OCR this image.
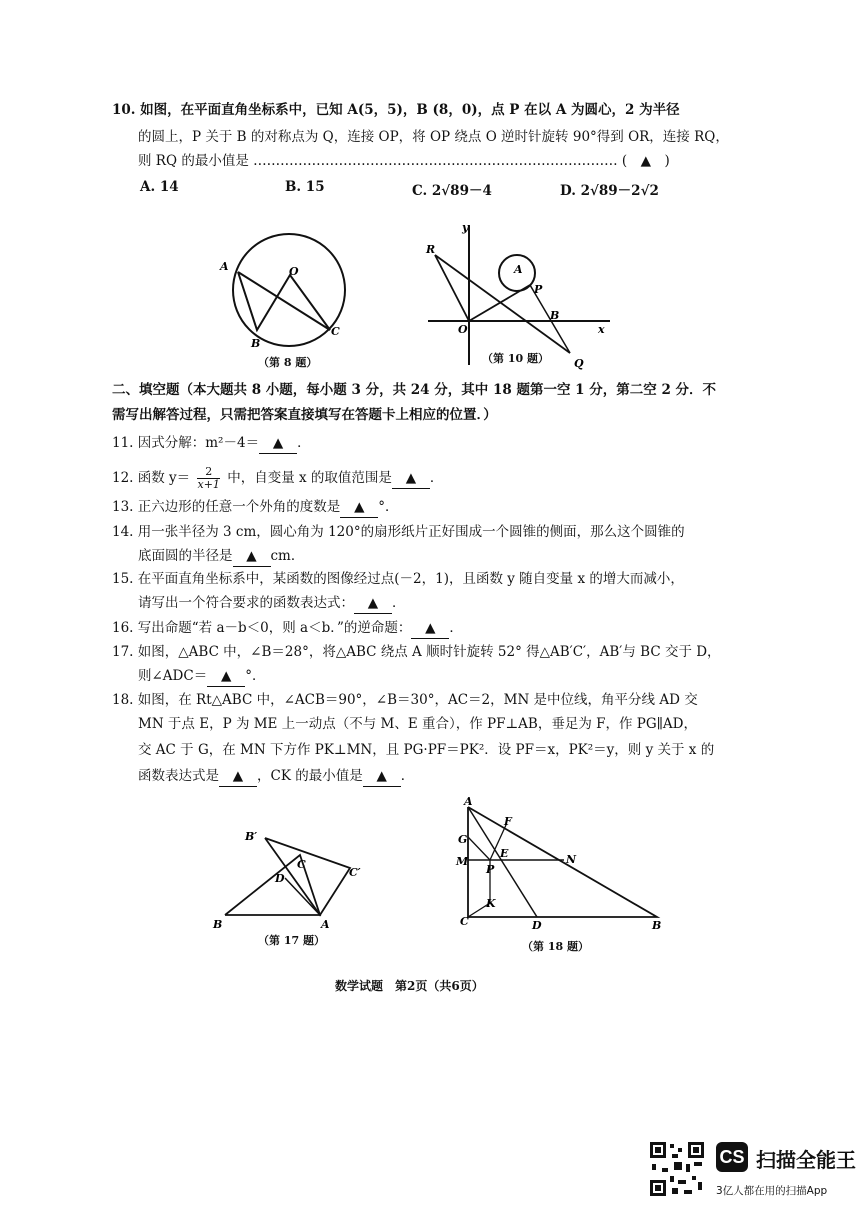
10. 如图，在平面直角坐标系中，已知 A(5，5)，B (8，0)，点 P 在以 A 为圆心，2 为半径
的圆上，P 关于 B 的对称点为 Q，连接 OP，将 OP 绕点 O 逆时针旋转 90°得到 OR，连接 RQ，
则 RQ 的最小值是 ……………………………………………………………………… (　▲　)
A. 14	B. 15	C. 2√89－4	D. 2√89－2√2
A	O
B
C
（第 8 题）
y
R
A
P
O
B
x
Q
（第 10 题）
二、填空题（本大题共 8 小题，每小题 3 分，共 24 分，其中 18 题第一空 1 分，第二空 2 分．不
需写出解答过程，只需把答案直接填写在答题卡上相应的位置．）
11. 因式分解：m²－4＝ ▲ ．
12. 函数 $y= \frac{2}{x+1}$ 中，自变量 x 的取值范围是 ▲ ．
13. 正六边形的任意一个外角的度数是 ▲ °．
14. 用一张半径为 3 cm，圆心角为 120°的扇形纸片正好围成一个圆锥的侧面，那么这个圆锥的
底面圆的半径是 ▲ cm．
15. 在平面直角坐标系中，某函数的图像经过点(－2，1)，且函数 y 随自变量 x 的增大而减小，
请写出一个符合要求的函数表达式： ▲ ．
16. 写出命题“若 a－b＜0，则 a＜b．”的逆命题： ▲ ．
17. 如图，△ABC 中，∠B＝28°，将△ABC 绕点 A 顺时针旋转 52° 得△AB′C′，AB′与 BC 交于 D，
则∠ADC＝ ▲ °．
18. 如图，在 Rt△ABC 中，∠ACB＝90°，∠B＝30°，AC＝2，MN 是中位线，角平分线 AD 交
MN 于点 E，P 为 ME 上一动点（不与 M、E 重合），作 PF⊥AB，垂足为 F，作 PG∥AD，
交 AC 于 G，在 MN 下方作 PK⊥MN，且 PG·PF＝PK²．设 PF＝x，PK²＝y，则 y 关于 x 的
函数表达式是 ▲ ，CK 的最小值是 ▲ ．
B′
C
D	C′
B	A
（第 17 题）
A
F
G
M
E	N
P
K
C	D	B
（第 18 题）
数学试题　第2页（共6页）
CS 扫描全能王
3亿人都在用的扫描App
